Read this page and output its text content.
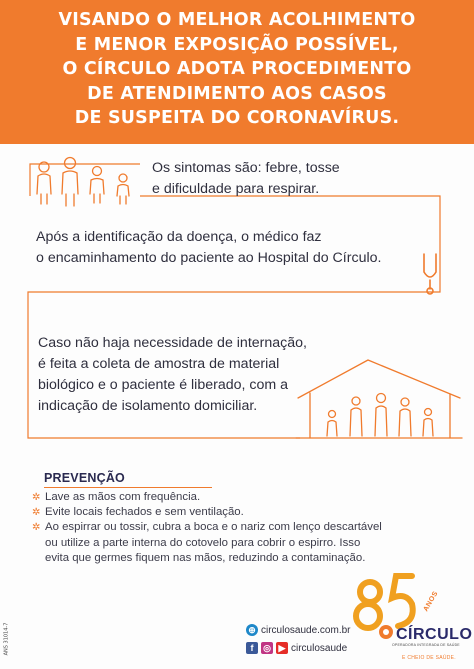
VISANDO O MELHOR ACOLHIMENTO
E MENOR EXPOSIÇÃO POSSÍVEL,
O CÍRCULO ADOTA PROCEDIMENTO
DE ATENDIMENTO AOS CASOS
DE SUSPEITA DO CORONAVÍRUS.

Os sintomas são: febre, tosse
e dificuldade para respirar.

Após a identificação da doença, o médico faz
o encaminhamento do paciente ao Hospital do Círculo.

Caso não haja necessidade de internação,
é feita a coleta de amostra de material
biológico e o paciente é liberado, com a
indicação de isolamento domiciliar.

PREVENÇÃO
✲ Lave as mãos com frequência.
✲ Evite locais fechados e sem ventilação.
✲ Ao espirrar ou tossir, cubra a boca e o nariz com lenço descartável
ou utilize a parte interna do cotovelo para cobrir o espirro. Isso
evita que germes fiquem nas mãos, reduzindo a contaminação.
⊕ circulosaude.com.br
f ◎ ▶ circulosaude
ANS 31014-7
ANOS
CÍRCULO
OPERADORA INTEGRADA DE SAÚDE
E CHEIO DE SAÚDE.
